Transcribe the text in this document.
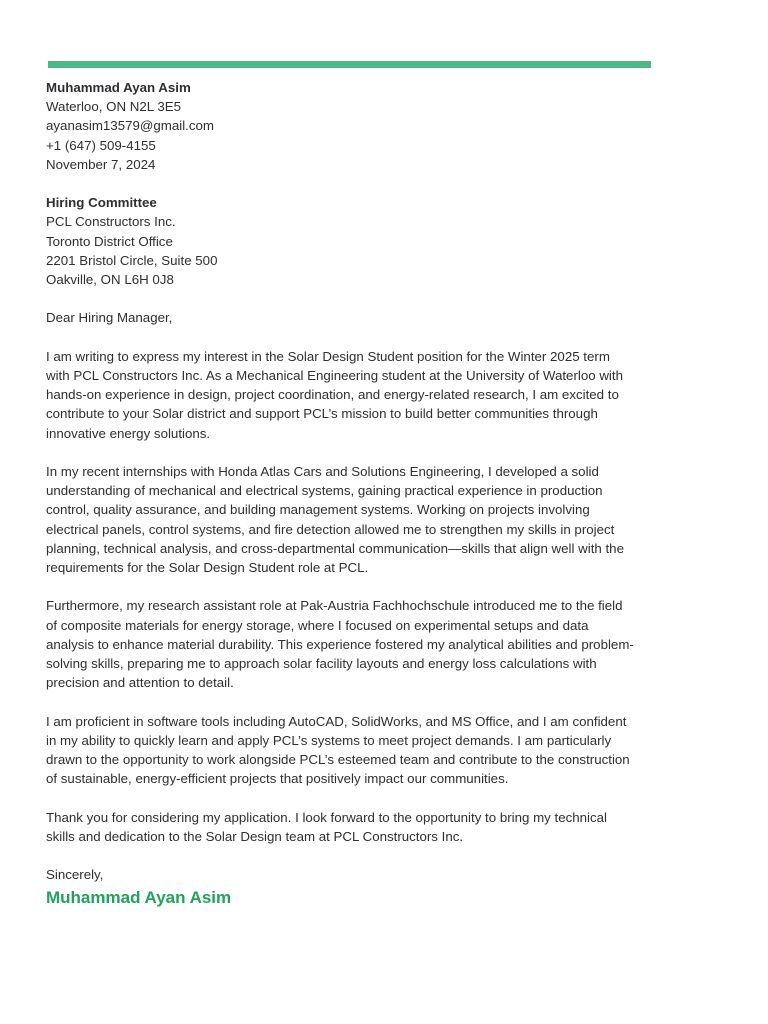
Muhammad Ayan Asim
Waterloo, ON N2L 3E5
ayanasim13579@gmail.com
+1 (647) 509-4155
November 7, 2024
Hiring Committee
PCL Constructors Inc.
Toronto District Office
2201 Bristol Circle, Suite 500
Oakville, ON L6H 0J8

Dear Hiring Manager,

I am writing to express my interest in the Solar Design Student position for the Winter 2025 term with PCL Constructors Inc. As a Mechanical Engineering student at the University of Waterloo with hands-on experience in design, project coordination, and energy-related research, I am excited to contribute to your Solar district and support PCL’s mission to build better communities through innovative energy solutions.

In my recent internships with Honda Atlas Cars and Solutions Engineering, I developed a solid understanding of mechanical and electrical systems, gaining practical experience in production control, quality assurance, and building management systems. Working on projects involving electrical panels, control systems, and fire detection allowed me to strengthen my skills in project planning, technical analysis, and cross-departmental communication—skills that align well with the requirements for the Solar Design Student role at PCL.

Furthermore, my research assistant role at Pak-Austria Fachhochschule introduced me to the field of composite materials for energy storage, where I focused on experimental setups and data analysis to enhance material durability. This experience fostered my analytical abilities and problem-solving skills, preparing me to approach solar facility layouts and energy loss calculations with precision and attention to detail.

I am proficient in software tools including AutoCAD, SolidWorks, and MS Office, and I am confident in my ability to quickly learn and apply PCL’s systems to meet project demands. I am particularly drawn to the opportunity to work alongside PCL’s esteemed team and contribute to the construction of sustainable, energy-efficient projects that positively impact our communities.

Thank you for considering my application. I look forward to the opportunity to bring my technical skills and dedication to the Solar Design team at PCL Constructors Inc.

Sincerely,

Muhammad Ayan Asim
